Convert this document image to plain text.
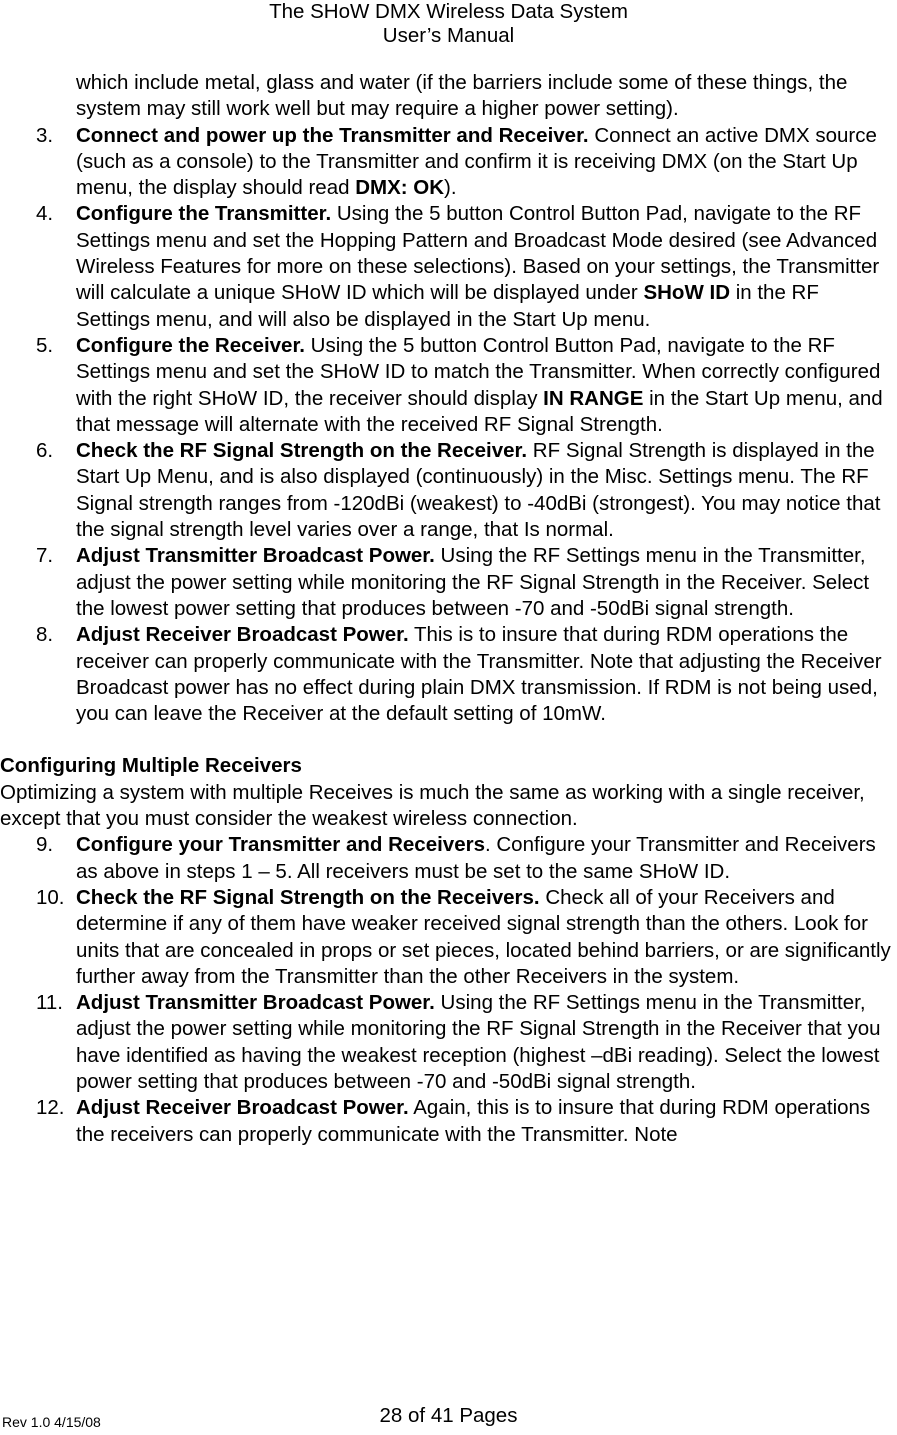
The SHoW DMX Wireless Data System
User’s Manual
which include metal, glass and water (if the barriers include some of these things, the system may still work well but may require a higher power setting).
3. Connect and power up the Transmitter and Receiver. Connect an active DMX source (such as a console) to the Transmitter and confirm it is receiving DMX (on the Start Up menu, the display should read DMX: OK).
4. Configure the Transmitter. Using the 5 button Control Button Pad, navigate to the RF Settings menu and set the Hopping Pattern and Broadcast Mode desired (see Advanced Wireless Features for more on these selections). Based on your settings, the Transmitter will calculate a unique SHoW ID which will be displayed under SHoW ID in the RF Settings menu, and will also be displayed in the Start Up menu.
5. Configure the Receiver. Using the 5 button Control Button Pad, navigate to the RF Settings menu and set the SHoW ID to match the Transmitter. When correctly configured with the right SHoW ID, the receiver should display IN RANGE in the Start Up menu, and that message will alternate with the received RF Signal Strength.
6. Check the RF Signal Strength on the Receiver. RF Signal Strength is displayed in the Start Up Menu, and is also displayed (continuously) in the Misc. Settings menu. The RF Signal strength ranges from -120dBi (weakest) to -40dBi (strongest). You may notice that the signal strength level varies over a range, that Is normal.
7. Adjust Transmitter Broadcast Power. Using the RF Settings menu in the Transmitter, adjust the power setting while monitoring the RF Signal Strength in the Receiver. Select the lowest power setting that produces between -70 and -50dBi signal strength.
8. Adjust Receiver Broadcast Power. This is to insure that during RDM operations the receiver can properly communicate with the Transmitter. Note that adjusting the Receiver Broadcast power has no effect during plain DMX transmission. If RDM is not being used, you can leave the Receiver at the default setting of 10mW.
Configuring Multiple Receivers
Optimizing a system with multiple Receives is much the same as working with a single receiver, except that you must consider the weakest wireless connection.
9. Configure your Transmitter and Receivers. Configure your Transmitter and Receivers as above in steps 1 – 5. All receivers must be set to the same SHoW ID.
10. Check the RF Signal Strength on the Receivers. Check all of your Receivers and determine if any of them have weaker received signal strength than the others. Look for units that are concealed in props or set pieces, located behind barriers, or are significantly further away from the Transmitter than the other Receivers in the system.
11. Adjust Transmitter Broadcast Power. Using the RF Settings menu in the Transmitter, adjust the power setting while monitoring the RF Signal Strength in the Receiver that you have identified as having the weakest reception (highest –dBi reading). Select the lowest power setting that produces between -70 and -50dBi signal strength.
12. Adjust Receiver Broadcast Power. Again, this is to insure that during RDM operations the receivers can properly communicate with the Transmitter. Note
Rev 1.0 4/15/08	28 of 41 Pages
